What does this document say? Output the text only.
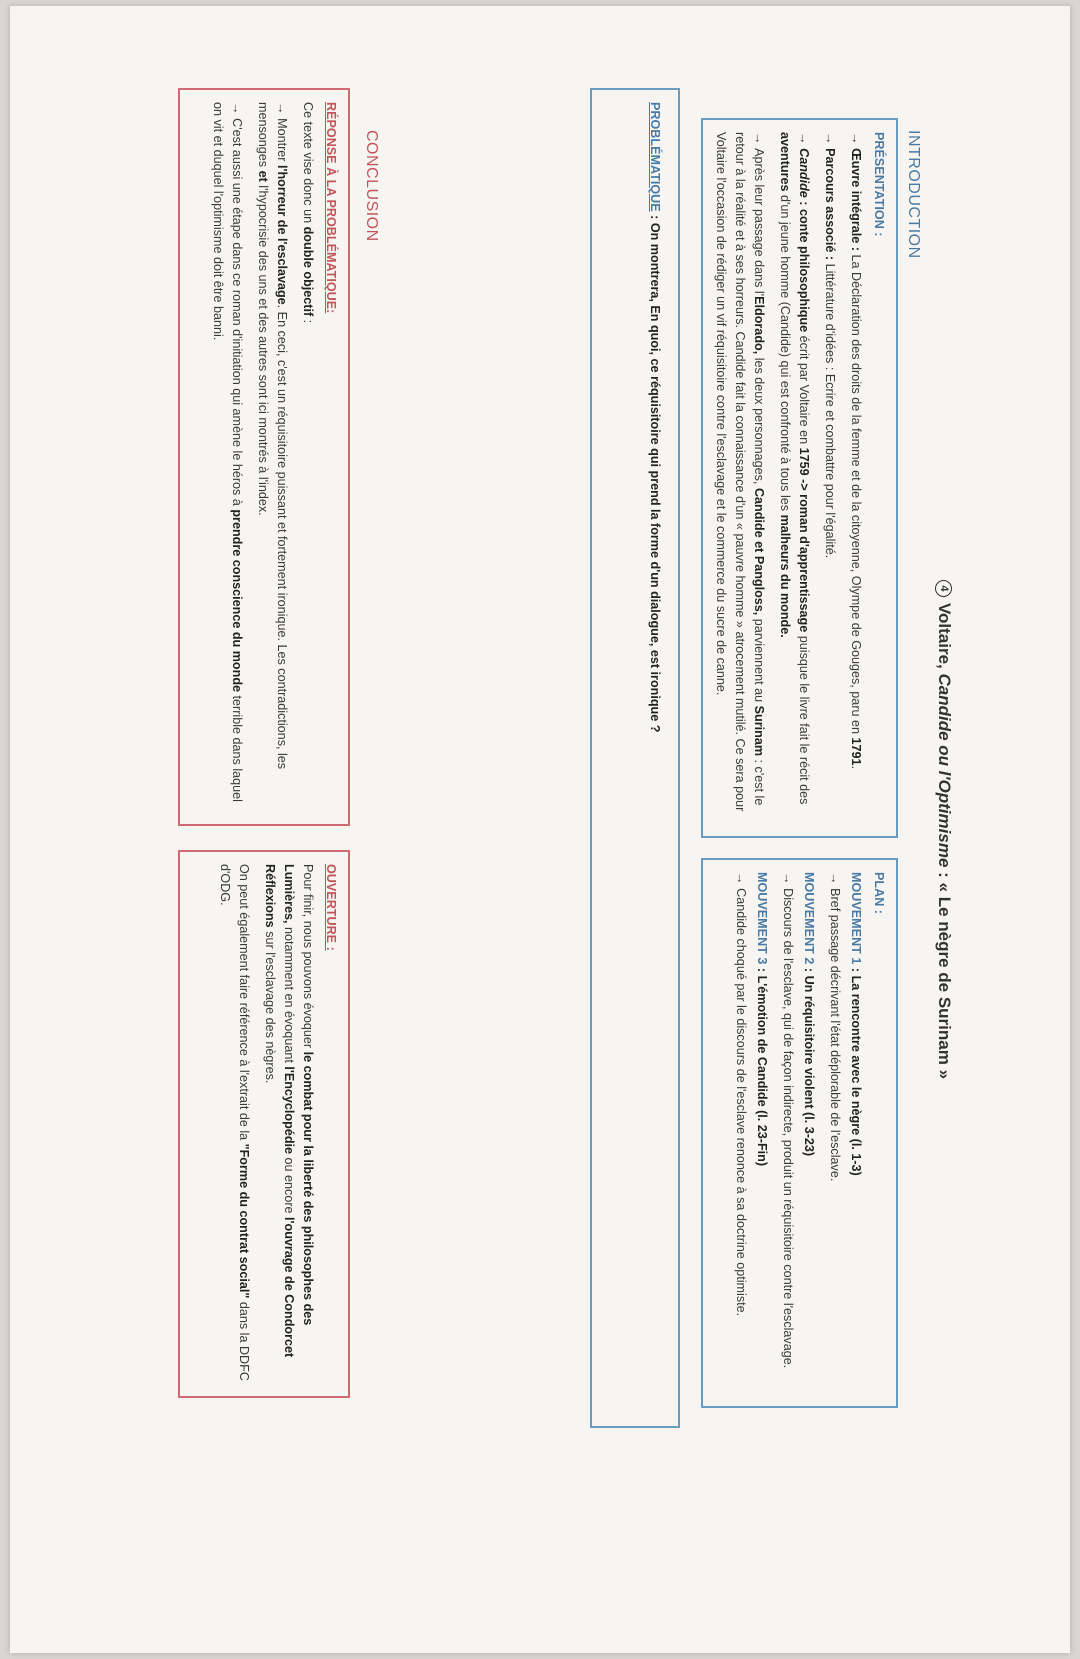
4Voltaire, Candide ou l'Optimisme : « Le nègre de Surinam »
INTRODUCTION

PRÉSENTATION :

→ Œuvre intégrale : La Déclaration des droits de la femme et de la citoyenne, Olympe de Gouges, paru en 1791.

→ Parcours associé : Littérature d'idées : Ecrire et combattre pour l'égalité.

→ Candide : conte philosophique écrit par Voltaire en 1759 -> roman d'apprentissage puisque le livre fait le récit des aventures d'un jeune homme (Candide) qui est confronté à tous les malheurs du monde.

→ Après leur passage dans l'Eldorado, les deux personnages, Candide et Pangloss, parviennent au Surinam : c'est le retour à la réalité et à ses horreurs. Candide fait la connaissance d'un « pauvre homme » atrocement mutilé. Ce sera pour Voltaire l'occasion de rédiger un vif réquisitoire contre l'esclavage et le commerce du sucre de canne.

PLAN :

MOUVEMENT 1 : La rencontre avec le nègre (l. 1-3)

→ Bref passage décrivant l'état déplorable de l'esclave.

MOUVEMENT 2 : Un réquisitoire violent (l. 3-23)

→ Discours de l'esclave, qui de façon indirecte, produit un réquisitoire contre l'esclavage.

MOUVEMENT 3 : L'émotion de Candide (l. 23-Fin)

→ Candide choqué par le discours de l'esclave renonce à sa doctrine optimiste.

PROBLÉMATIQUE : On montrera, En quoi, ce réquisitoire qui prend la forme d'un dialogue, est ironique ?
CONCLUSION

RÉPONSE À LA PROBLÉMATIQUE:

Ce texte vise donc un double objectif :

→ Montrer l'horreur de l'esclavage. En ceci, c'est un réquisitoire puissant et fortement ironique. Les contradictions, les mensonges et l'hypocrisie des uns et des autres sont ici montrés à l'index.

→ C'est aussi une étape dans ce roman d'initiation qui amène le héros à prendre conscience du monde terrible dans laquel on vit et duquel l'optimisme doit être banni.

OUVERTURE :

Pour finir, nous pouvons évoquer le combat pour la liberté des philosophes des Lumières, notamment en évoquant l'Encyclopédie ou encore l'ouvrage de Condorcet Réflexions sur l'esclavage des nègres.

On peut également faire référence à l'extrait de la "Forme du contrat social" dans la DDFC d'ODG.
